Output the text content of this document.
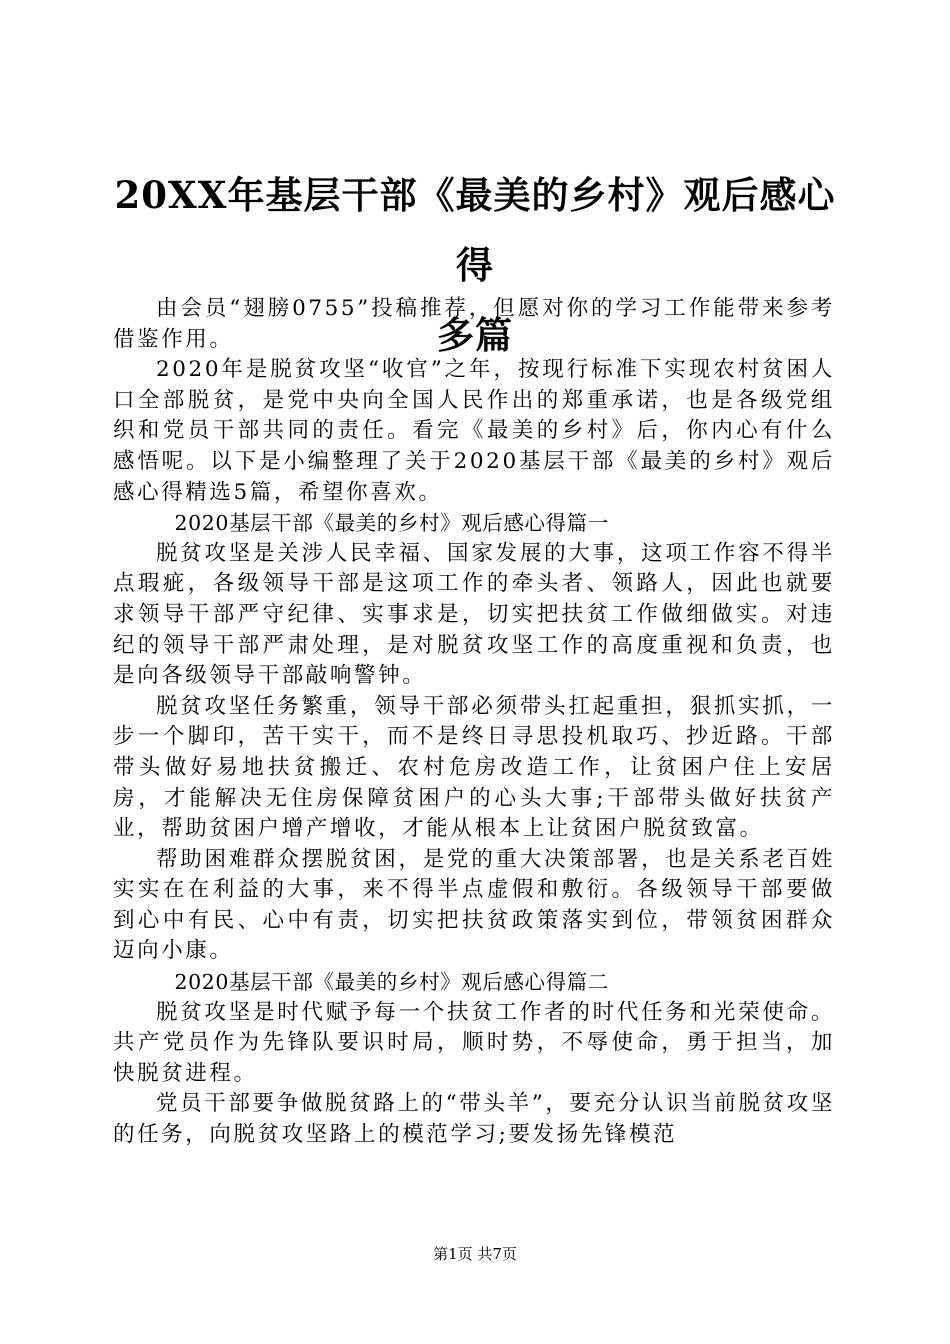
20XX年基层干部《最美的乡村》观后感心得
多篇

由会员“翅膀0755”投稿推荐，但愿对你的学习工作能带来参考借鉴作用。

2020年是脱贫攻坚“收官”之年，按现行标准下实现农村贫困人口全部脱贫，是党中央向全国人民作出的郑重承诺，也是各级党组织和党员干部共同的责任。看完《最美的乡村》后，你内心有什么感悟呢。以下是小编整理了关于2020基层干部《最美的乡村》观后感心得精选5篇，希望你喜欢。

2020基层干部《最美的乡村》观后感心得篇一

脱贫攻坚是关涉人民幸福、国家发展的大事，这项工作容不得半点瑕疵，各级领导干部是这项工作的牵头者、领路人，因此也就要求领导干部严守纪律、实事求是，切实把扶贫工作做细做实。对违纪的领导干部严肃处理，是对脱贫攻坚工作的高度重视和负责，也是向各级领导干部敲响警钟。

脱贫攻坚任务繁重，领导干部必须带头扛起重担，狠抓实抓，一步一个脚印，苦干实干，而不是终日寻思投机取巧、抄近路。干部带头做好易地扶贫搬迁、农村危房改造工作，让贫困户住上安居房，才能解决无住房保障贫困户的心头大事;干部带头做好扶贫产业，帮助贫困户增产增收，才能从根本上让贫困户脱贫致富。

帮助困难群众摆脱贫困，是党的重大决策部署，也是关系老百姓实实在在利益的大事，来不得半点虚假和敷衍。各级领导干部要做到心中有民、心中有责，切实把扶贫政策落实到位，带领贫困群众迈向小康。

2020基层干部《最美的乡村》观后感心得篇二

脱贫攻坚是时代赋予每一个扶贫工作者的时代任务和光荣使命。共产党员作为先锋队要识时局，顺时势，不辱使命，勇于担当，加快脱贫进程。

党员干部要争做脱贫路上的“带头羊”，要充分认识当前脱贫攻坚的任务，向脱贫攻坚路上的模范学习;要发扬先锋模范

第1页 共7页
